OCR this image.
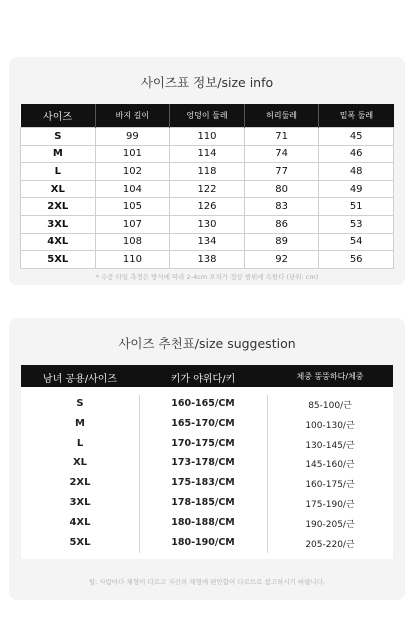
사이즈표 정보/size info
사이즈	바지 길이	엉덩이 둘레	허리둘레	밑폭 둘레
S	99	110	71	45
M	101	114	74	46
L	102	118	77	48
XL	104	122	80	49
2XL	105	126	83	51
3XL	107	130	86	53
4XL	108	134	89	54
5XL	110	138	92	56
* 수공 타일 측정은 방식에 따라 2-4cm 오차가 정상 범위에 속한다 (단위: cm)
사이즈 추천표/size suggestion
남녀 공용/사이즈	키가 야위다/키	체중 뚱뚱하다/체중
S	160-165/CM	85-100/근
M	165-170/CM	100-130/근
L	170-175/CM	130-145/근
XL	173-178/CM	145-160/근
2XL	175-183/CM	160-175/근
3XL	178-185/CM	175-190/근
4XL	180-188/CM	190-205/근
5XL	180-190/CM	205-220/근
팁: 사람마다 체형이 다르고 자신의 체형에 편안함이 다르므로 참고하시기 바랍니다.
